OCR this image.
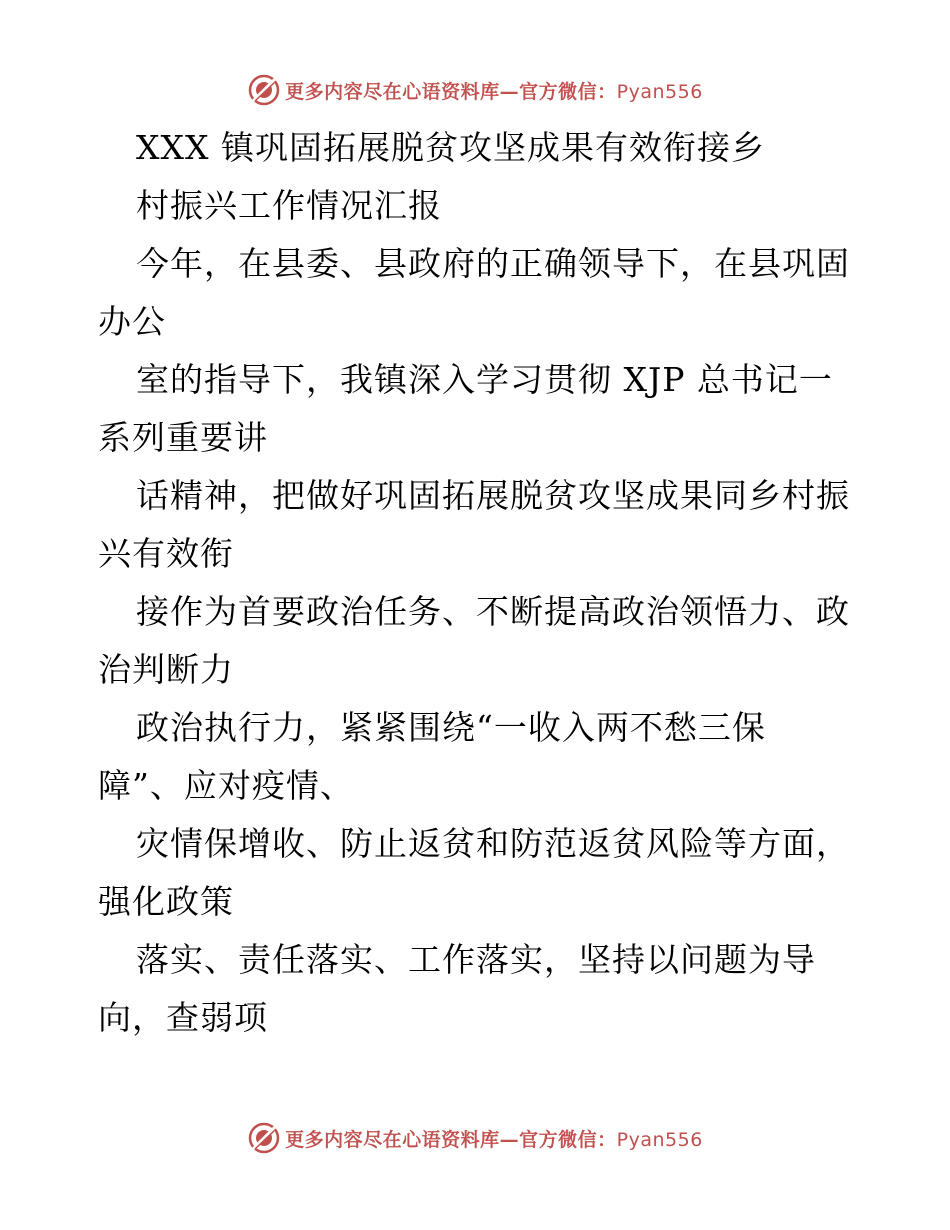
更多内容尽在心语资料库—官方微信：Pyan556
XXX 镇巩固拓展脱贫攻坚成果有效衔接乡
村振兴工作情况汇报
今年，在县委、县政府的正确领导下，在县巩固
办公
室的指导下，我镇深入学习贯彻 XJP 总书记一
系列重要讲
话精神，把做好巩固拓展脱贫攻坚成果同乡村振
兴有效衔
接作为首要政治任务、不断提高政治领悟力、政
治判断力
政治执行力，紧紧围绕“一收入两不愁三保
障”、应对疫情、
灾情保增收、防止返贫和防范返贫风险等方面，
强化政策
落实、责任落实、工作落实，坚持以问题为导
向，查弱项
更多内容尽在心语资料库—官方微信：Pyan556
